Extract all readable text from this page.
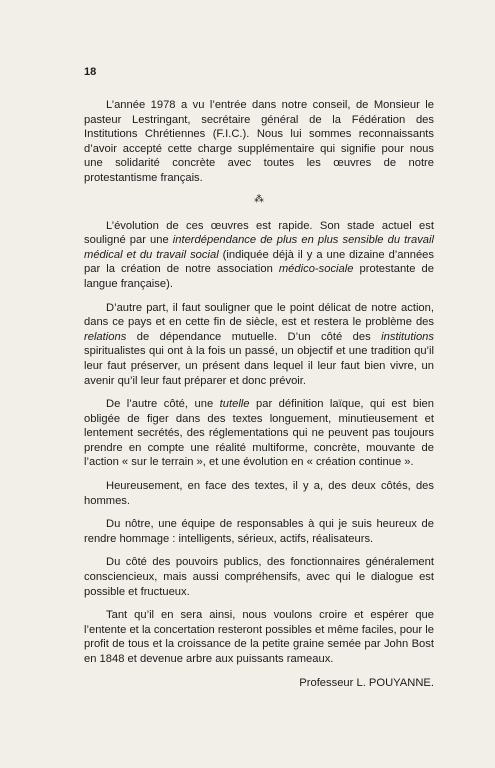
18

L’année 1978 a vu l’entrée dans notre conseil, de Monsieur le pasteur Lestringant, secrétaire général de la Fédération des Institutions Chrétiennes (F.I.C.). Nous lui sommes reconnaissants d’avoir accepté cette charge supplémentaire qui signifie pour nous une solidarité concrète avec toutes les œuvres de notre protestantisme français.

⁂

L’évolution de ces œuvres est rapide. Son stade actuel est souligné par une interdépendance de plus en plus sensible du travail médical et du travail social (indiquée déjà il y a une dizaine d’années par la création de notre association médico-sociale protestante de langue française).

D’autre part, il faut souligner que le point délicat de notre action, dans ce pays et en cette fin de siècle, est et restera le problème des relations de dépendance mutuelle. D’un côté des institutions spiritualistes qui ont à la fois un passé, un objectif et une tradition qu’il leur faut préserver, un présent dans lequel il leur faut bien vivre, un avenir qu’il leur faut préparer et donc prévoir.

De l’autre côté, une tutelle par définition laïque, qui est bien obligée de figer dans des textes longuement, minutieusement et lentement secrétés, des réglementations qui ne peuvent pas toujours prendre en compte une réalité multiforme, concrète, mouvante de l’action « sur le terrain », et une évolution en « création continue ».

Heureusement, en face des textes, il y a, des deux côtés, des hommes.

Du nôtre, une équipe de responsables à qui je suis heureux de rendre hommage : intelligents, sérieux, actifs, réalisateurs.

Du côté des pouvoirs publics, des fonctionnaires généralement consciencieux, mais aussi compréhensifs, avec qui le dialogue est possible et fructueux.

Tant qu’il en sera ainsi, nous voulons croire et espérer que l’entente et la concertation resteront possibles et même faciles, pour le profit de tous et la croissance de la petite graine semée par John Bost en 1848 et devenue arbre aux puissants rameaux.

Professeur L. POUYANNE.
